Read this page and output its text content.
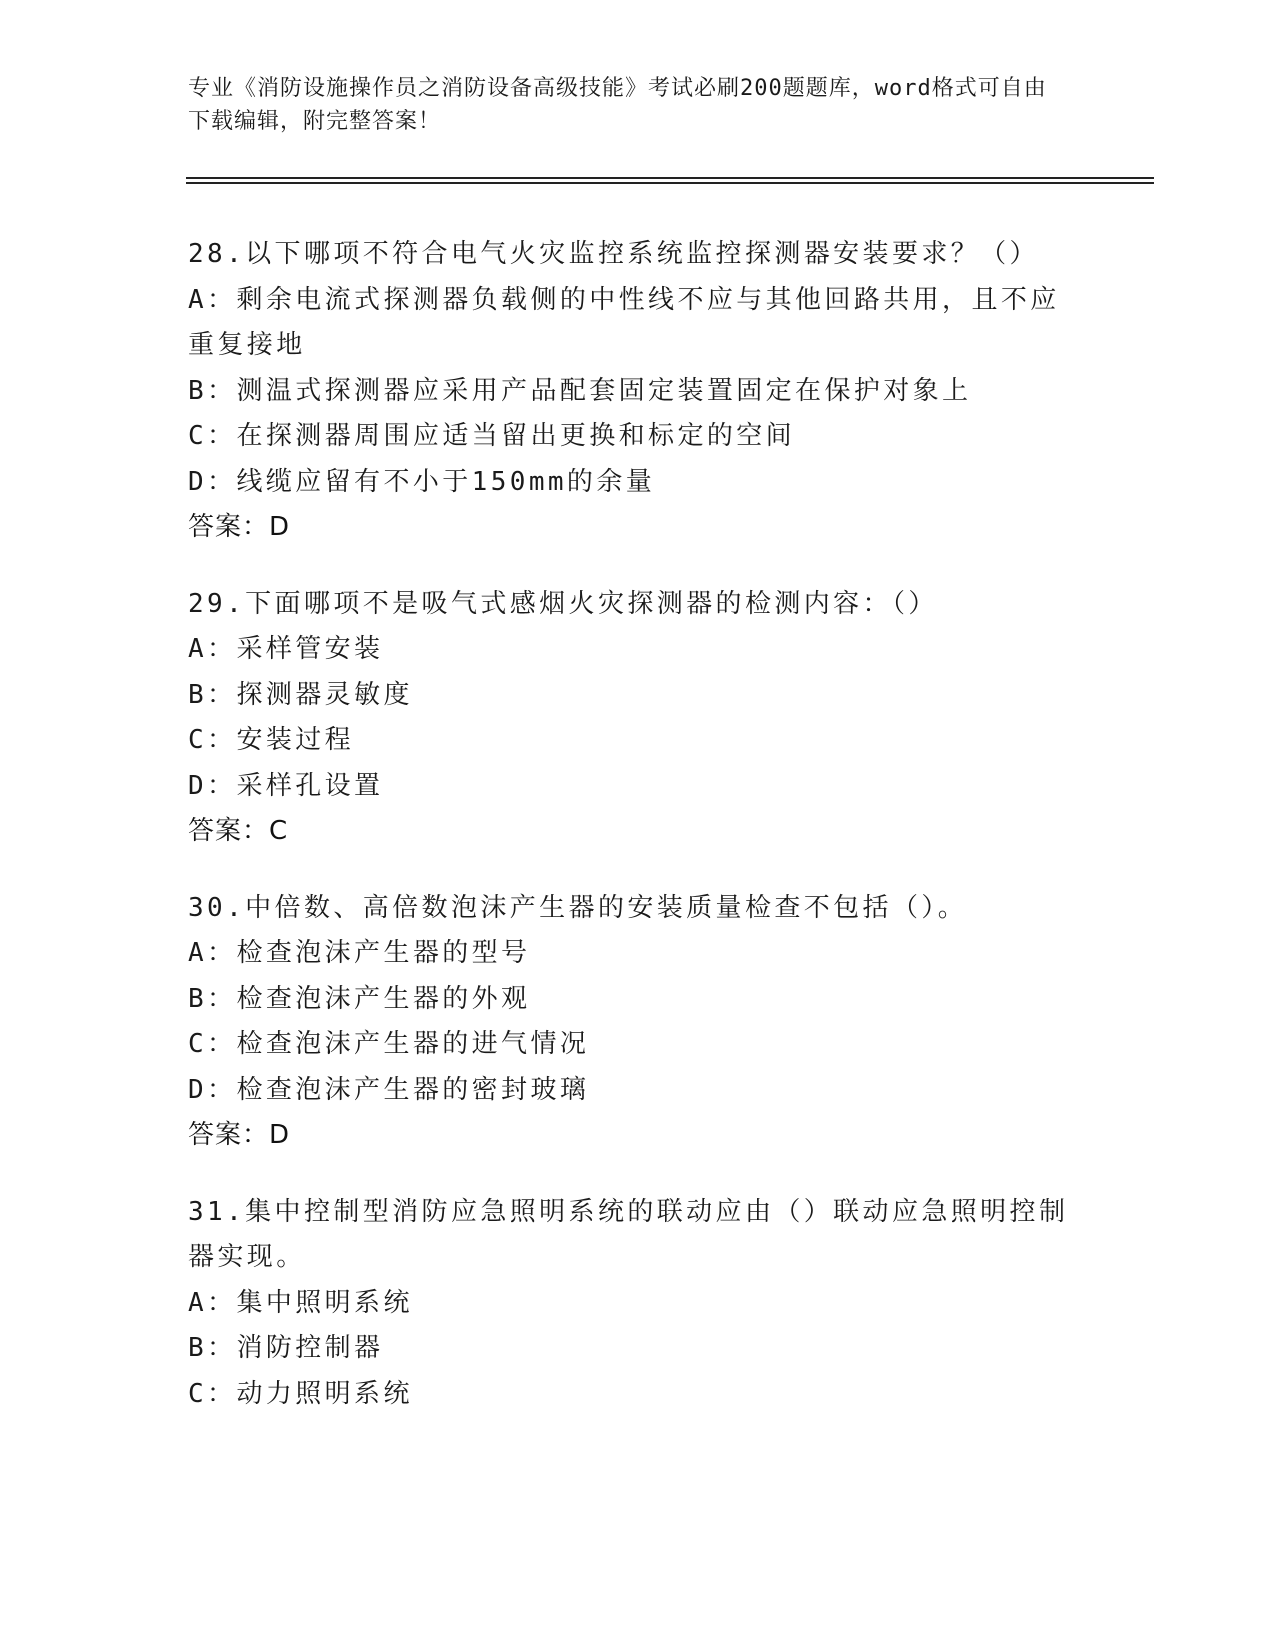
专业《消防设施操作员之消防设备高级技能》考试必刷200题题库，word格式可自由下载编辑，附完整答案！
28.以下哪项不符合电气火灾监控系统监控探测器安装要求？（）
A：剩余电流式探测器负载侧的中性线不应与其他回路共用，且不应重复接地
B：测温式探测器应采用产品配套固定装置固定在保护对象上
C：在探测器周围应适当留出更换和标定的空间
D：线缆应留有不小于150mm的余量
答案：D
29.下面哪项不是吸气式感烟火灾探测器的检测内容：（）
A：采样管安装
B：探测器灵敏度
C：安装过程
D：采样孔设置
答案：C
30.中倍数、高倍数泡沫产生器的安装质量检查不包括（）。
A：检查泡沫产生器的型号
B：检查泡沫产生器的外观
C：检查泡沫产生器的进气情况
D：检查泡沫产生器的密封玻璃
答案：D
31.集中控制型消防应急照明系统的联动应由（）联动应急照明控制器实现。
A：集中照明系统
B：消防控制器
C：动力照明系统
